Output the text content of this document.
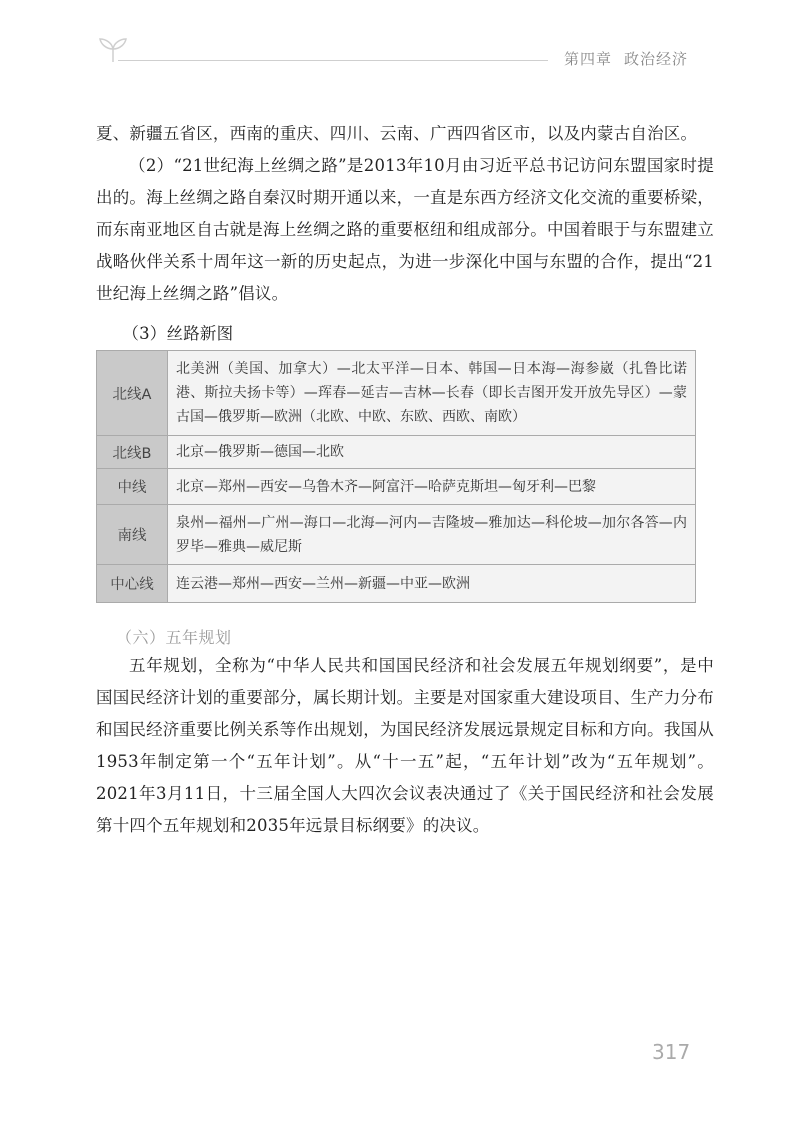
第四章 政治经济

夏、新疆五省区，西南的重庆、四川、云南、广西四省区市，以及内蒙古自治区。

（2）“21世纪海上丝绸之路”是2013年10月由习近平总书记访问东盟国家时提出的。海上丝绸之路自秦汉时期开通以来，一直是东西方经济文化交流的重要桥梁，而东南亚地区自古就是海上丝绸之路的重要枢纽和组成部分。中国着眼于与东盟建立战略伙伴关系十周年这一新的历史起点，为进一步深化中国与东盟的合作，提出“21世纪海上丝绸之路”倡议。

（3）丝路新图

北线A	北美洲（美国、加拿大）—北太平洋—日本、韩国—日本海—海参崴（扎鲁比诺港、斯拉夫扬卡等）—珲春—延吉—吉林—长春（即长吉图开发开放先导区）—蒙古国—俄罗斯—欧洲（北欧、中欧、东欧、西欧、南欧）
北线B	北京—俄罗斯—德国—北欧
中线	北京—郑州—西安—乌鲁木齐—阿富汗—哈萨克斯坦—匈牙利—巴黎
南线	泉州—福州—广州—海口—北海—河内—吉隆坡—雅加达—科伦坡—加尔各答—内罗毕—雅典—威尼斯
中心线	连云港—郑州—西安—兰州—新疆—中亚—欧洲
（六）五年规划

五年规划，全称为“中华人民共和国国民经济和社会发展五年规划纲要”，是中国国民经济计划的重要部分，属长期计划。主要是对国家重大建设项目、生产力分布和国民经济重要比例关系等作出规划，为国民经济发展远景规定目标和方向。我国从1953年制定第一个“五年计划”。从“十一五”起，“五年计划”改为“五年规划”。2021年3月11日，十三届全国人大四次会议表决通过了《关于国民经济和社会发展第十四个五年规划和2035年远景目标纲要》的决议。

317
